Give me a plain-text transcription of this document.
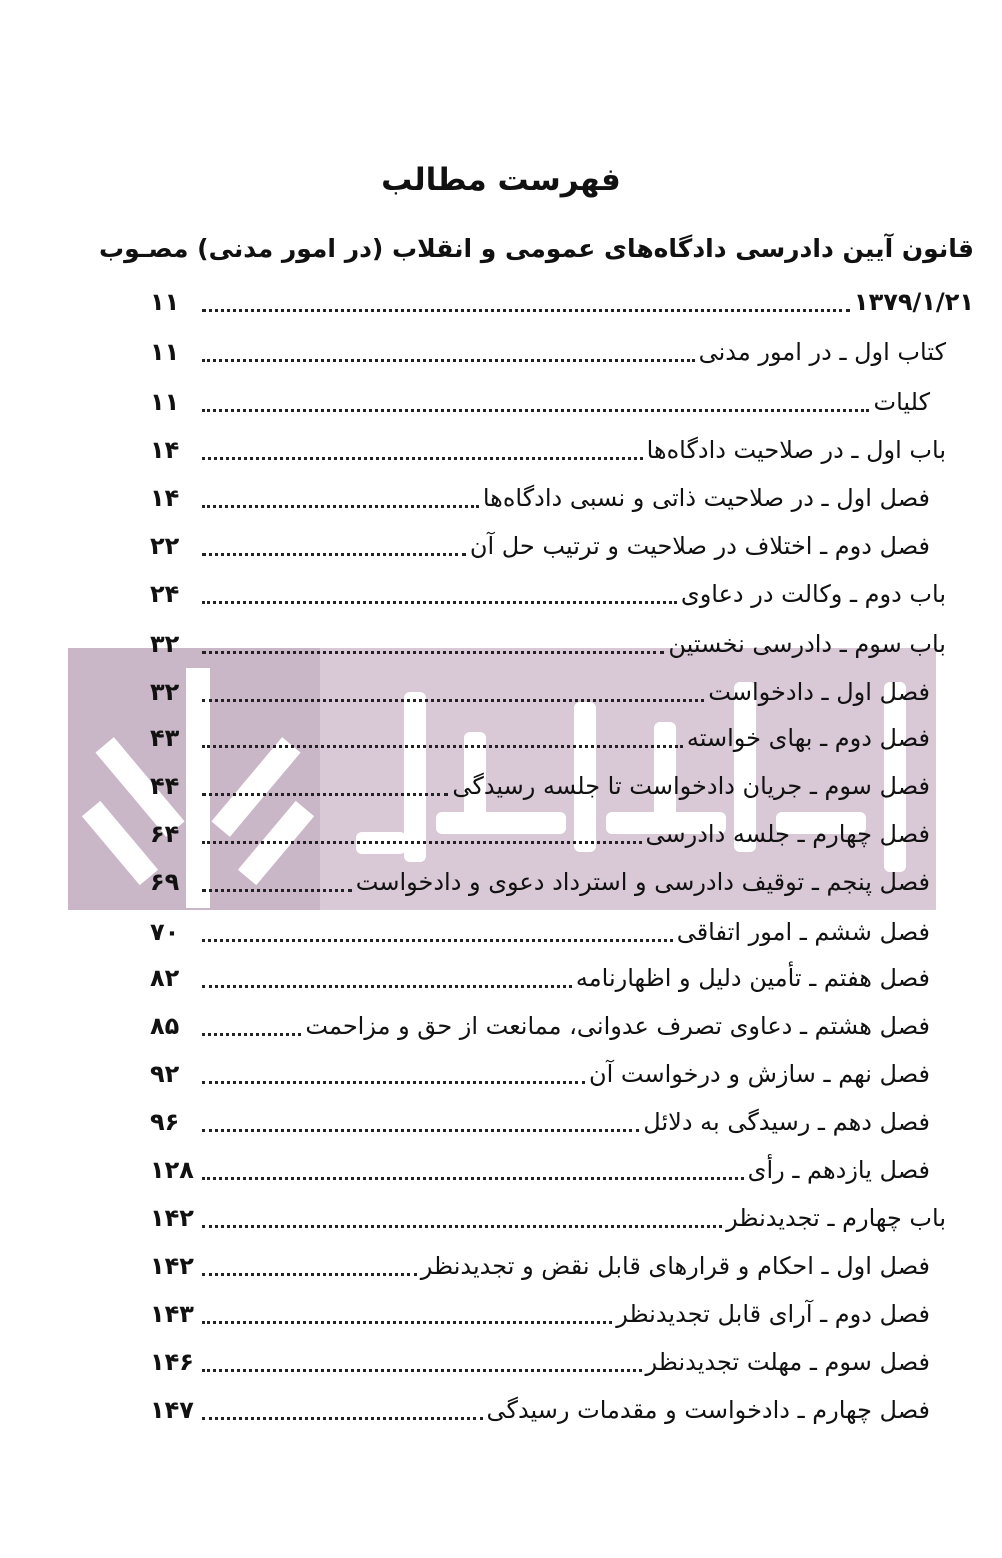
فهرست مطالب
قانون آیین دادرسی دادگاه‌های عمومی و انقلاب (در امور مدنی) مصـوب
۱۳۷۹/۱/۲۱
۱۱
کتاب اول ـ در امور مدنی
۱۱
کلیات
۱۱
باب اول ـ در صلاحیت دادگاه‌ها
۱۴
فصل اول ـ در صلاحیت ذاتی و نسبی دادگاه‌ها
۱۴
فصل دوم ـ اختلاف در صلاحیت و ترتیب حل آن
۲۲
باب دوم ـ وکالت در دعاوی
۲۴
باب سوم ـ دادرسی نخستین
۳۲
فصل اول ـ دادخواست
۳۲
فصل دوم ـ بهای خواسته
۴۳
فصل سوم ـ جریان دادخواست تا جلسه رسیدگی
۴۴
فصل چهارم ـ جلسه دادرسی
۶۴
فصل پنجم ـ توقیف دادرسی و استرداد دعوی و دادخواست
۶۹
فصل ششم ـ امور اتفاقی
۷۰
فصل هفتم ـ تأمین دلیل و اظهارنامه
۸۲
فصل هشتم ـ دعاوی تصرف عدوانی، ممانعت از حق و مزاحمت
۸۵
فصل نهم ـ سازش و درخواست آن
۹۲
فصل دهم ـ رسیدگی به دلائل
۹۶
فصل یازدهم ـ رأی
۱۲۸
باب چهارم ـ تجدیدنظر
۱۴۲
فصل اول ـ احکام و قرارهای قابل نقض و تجدیدنظر
۱۴۲
فصل دوم ـ آرای قابل تجدیدنظر
۱۴۳
فصل سوم ـ مهلت تجدیدنظر
۱۴۶
فصل چهارم ـ دادخواست و مقدمات رسیدگی
۱۴۷
